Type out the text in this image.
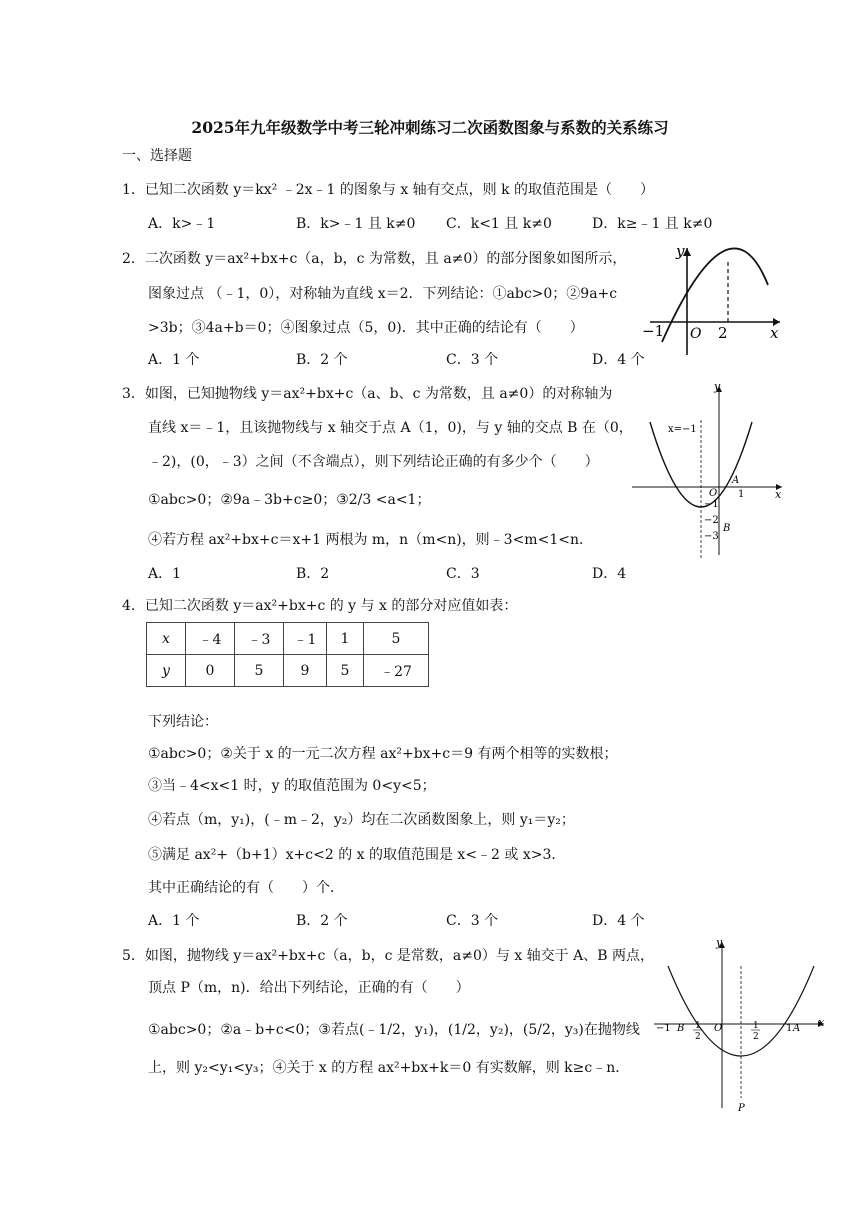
2025年九年级数学中考三轮冲刺练习二次函数图象与系数的关系练习
一、选择题
1．已知二次函数 y＝kx² ﹣2x﹣1 的图象与 x 轴有交点，则 k 的取值范围是（　　）
A．k>﹣1	B．k>﹣1 且 k≠0 C．k<1 且 k≠0	D．k≥﹣1 且 k≠0
2．二次函数 y＝ax²+bx+c（a，b，c 为常数，且 a≠0）的部分图象如图所示，
图象过点 （﹣1，0），对称轴为直线 x＝2．下列结论：①abc>0；②9a+c
>3b；③4a+b＝0；④图象过点（5，0)．其中正确的结论有（　　）
A．1 个	B．2 个	C．3 个	D．4 个
y
x
−1 O 2
3．如图，已知抛物线 y＝ax²+bx+c（a、b、c 为常数，且 a≠0）的对称轴为
直线 x＝﹣1，且该抛物线与 x 轴交于点 A（1，0)，与 y 轴的交点 B 在（0，
﹣2)，(0，﹣3）之间（不含端点），则下列结论正确的有多少个（　　）
①abc>0；②9a﹣3b+c≥0；③2/3 <a<1；
④若方程 ax²+bx+c＝x+1 两根为 m，n（m<n)，则﹣3<m<1<n．
A．1	B．2	C．3	D．4
y
x
x=−1
O 1
A
B
−1
−2
−3
4．已知二次函数 y＝ax²+bx+c 的 y 与 x 的部分对应值如表：
x	﹣4	﹣3	﹣1	1	5
y	0	5	9	5	﹣27
下列结论：
①abc>0；②关于 x 的一元二次方程 ax²+bx+c＝9 有两个相等的实数根；
③当﹣4<x<1 时，y 的取值范围为 0<y<5；
④若点（m，y₁)，(﹣m﹣2，y₂）均在二次函数图象上，则 y₁＝y₂；
⑤满足 ax²+（b+1）x+c<2 的 x 的取值范围是 x<﹣2 或 x>3．
其中正确结论的有（　　）个．
A．1 个	B．2 个	C．3 个	D．4 个
5．如图，抛物线 y＝ax²+bx+c（a，b，c 是常数，a≠0）与 x 轴交于 A、B 两点，
顶点 P（m，n)．给出下列结论，正确的有（　　）
①abc>0；②a﹣b+c<0；③若点(﹣1/2，y₁)，(1/2，y₂)，(5/2，y₃)在抛物线
上，则 y₂<y₁<y₃；④关于 x 的方程 ax²+bx+k＝0 有实数解，则 k≥c﹣n．
y
x
−1 B 1
2
O	1
2
1 A
P
